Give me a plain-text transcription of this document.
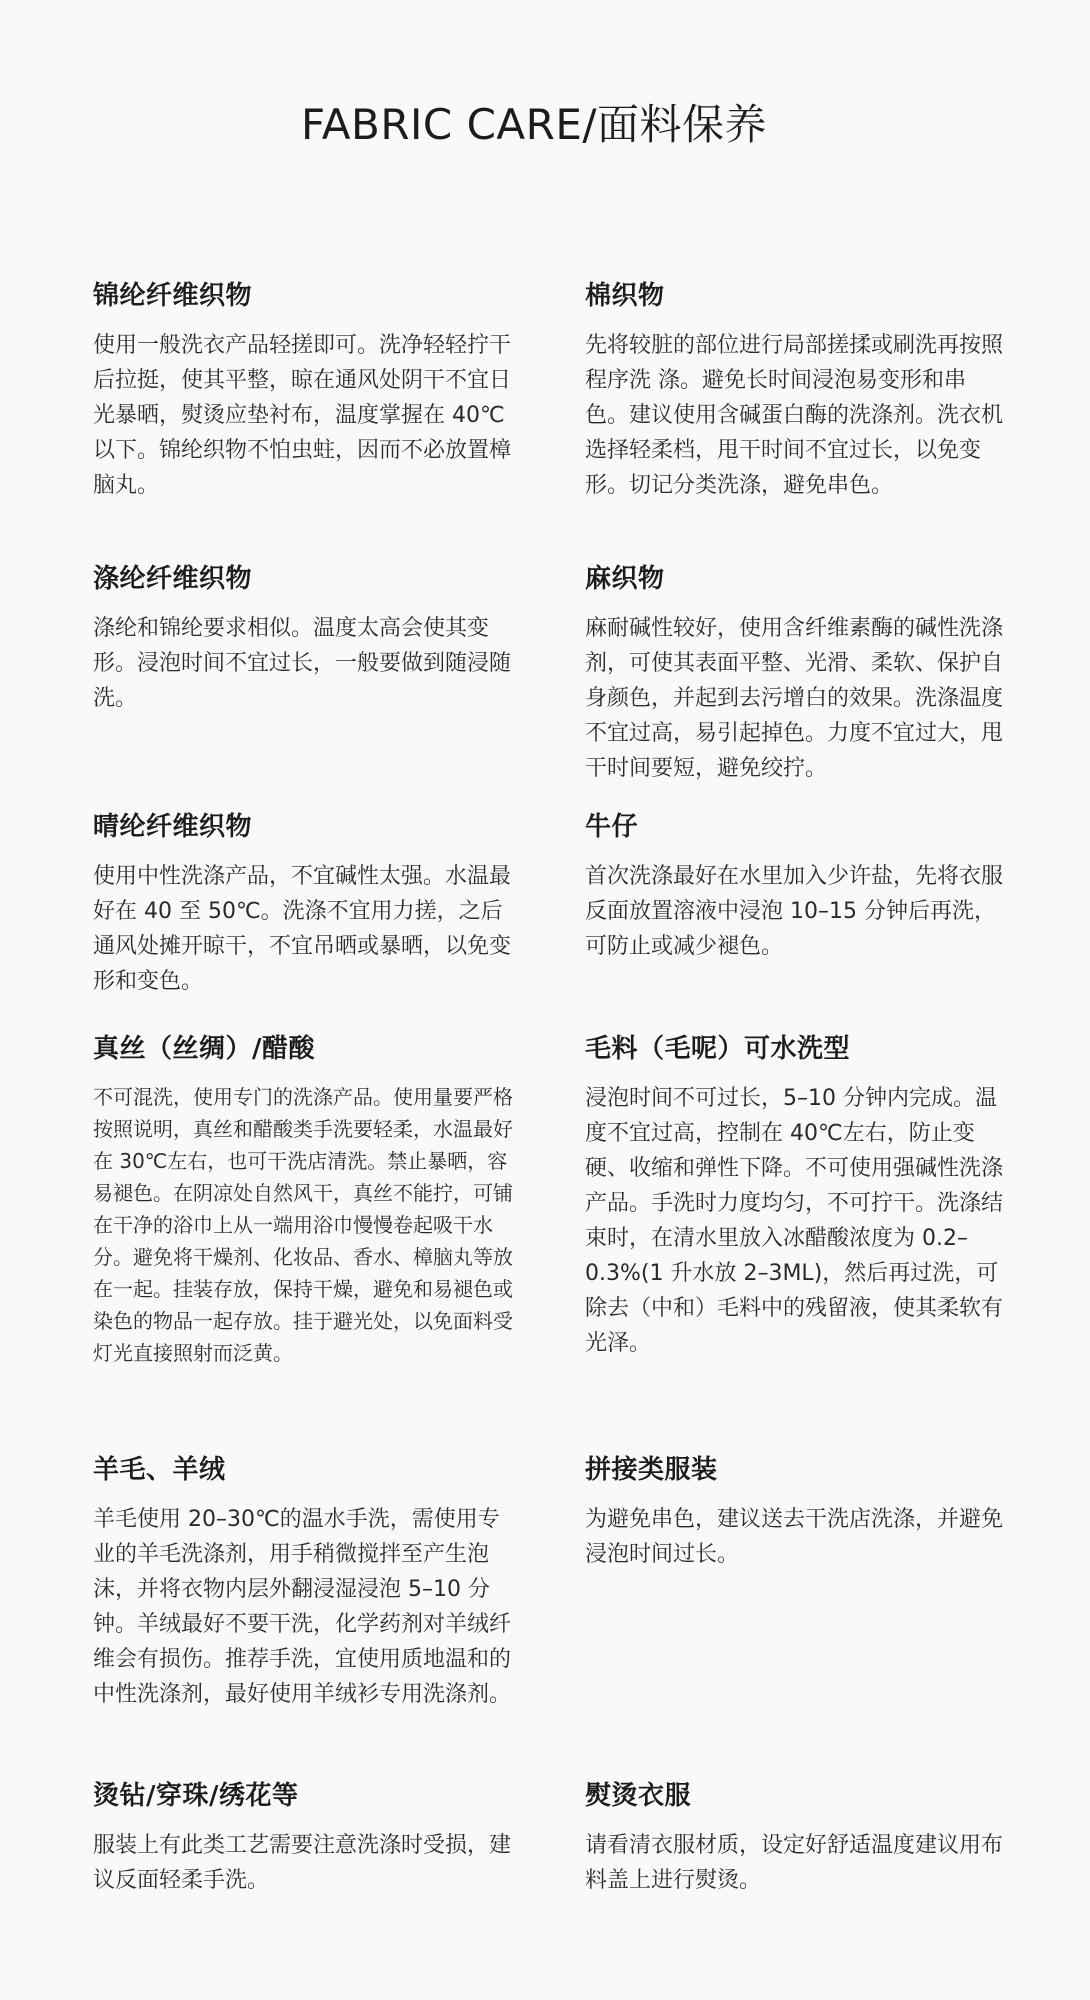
FABRIC CARE/面料保养
锦纶纤维织物

使用一般洗衣产品轻搓即可。洗净轻轻拧干后拉挺，使其平整，晾在通风处阴干不宜日光暴晒，熨烫应垫衬布，温度掌握在 40℃以下。锦纶织物不怕虫蛀，因而不必放置樟脑丸。

棉织物

先将较脏的部位进行局部搓揉或刷洗再按照程序洗 涤。避免长时间浸泡易变形和串色。建议使用含碱蛋白酶的洗涤剂。洗衣机选择轻柔档，甩干时间不宜过长，以免变形。切记分类洗涤，避免串色。

涤纶纤维织物

涤纶和锦纶要求相似。温度太高会使其变形。浸泡时间不宜过长，一般要做到随浸随洗。

麻织物

麻耐碱性较好，使用含纤维素酶的碱性洗涤剂，可使其表面平整、光滑、柔软、保护自身颜色，并起到去污增白的效果。洗涤温度不宜过高，易引起掉色。力度不宜过大，甩干时间要短，避免绞拧。

晴纶纤维织物

使用中性洗涤产品，不宜碱性太强。水温最好在 40 至 50℃。洗涤不宜用力搓，之后通风处摊开晾干，不宜吊晒或暴晒，以免变形和变色。

牛仔

首次洗涤最好在水里加入少许盐，先将衣服反面放置溶液中浸泡 10–15 分钟后再洗，可防止或减少褪色。

真丝（丝绸）/醋酸

不可混洗，使用专门的洗涤产品。使用量要严格按照说明，真丝和醋酸类手洗要轻柔，水温最好在 30℃左右，也可干洗店清洗。禁止暴晒，容易褪色。在阴凉处自然风干，真丝不能拧，可铺在干净的浴巾上从一端用浴巾慢慢卷起吸干水分。避免将干燥剂、化妆品、香水、樟脑丸等放在一起。挂装存放，保持干燥，避免和易褪色或染色的物品一起存放。挂于避光处，以免面料受灯光直接照射而泛黄。

毛料（毛呢）可水洗型

浸泡时间不可过长，5–10 分钟内完成。温度不宜过高，控制在 40℃左右，防止变硬、收缩和弹性下降。不可使用强碱性洗涤产品。手洗时力度均匀，不可拧干。洗涤结束时，在清水里放入冰醋酸浓度为 0.2–0.3%(1 升水放 2–3ML)，然后再过洗，可除去（中和）毛料中的残留液，使其柔软有光泽。

羊毛、羊绒

羊毛使用 20–30℃的温水手洗，需使用专业的羊毛洗涤剂，用手稍微搅拌至产生泡沫，并将衣物内层外翻浸湿浸泡 5–10 分钟。羊绒最好不要干洗，化学药剂对羊绒纤维会有损伤。推荐手洗，宜使用质地温和的中性洗涤剂，最好使用羊绒衫专用洗涤剂。

拼接类服装

为避免串色，建议送去干洗店洗涤，并避免浸泡时间过长。

烫钻/穿珠/绣花等

服装上有此类工艺需要注意洗涤时受损，建议反面轻柔手洗。

熨烫衣服

请看清衣服材质，设定好舒适温度建议用布料盖上进行熨烫。
